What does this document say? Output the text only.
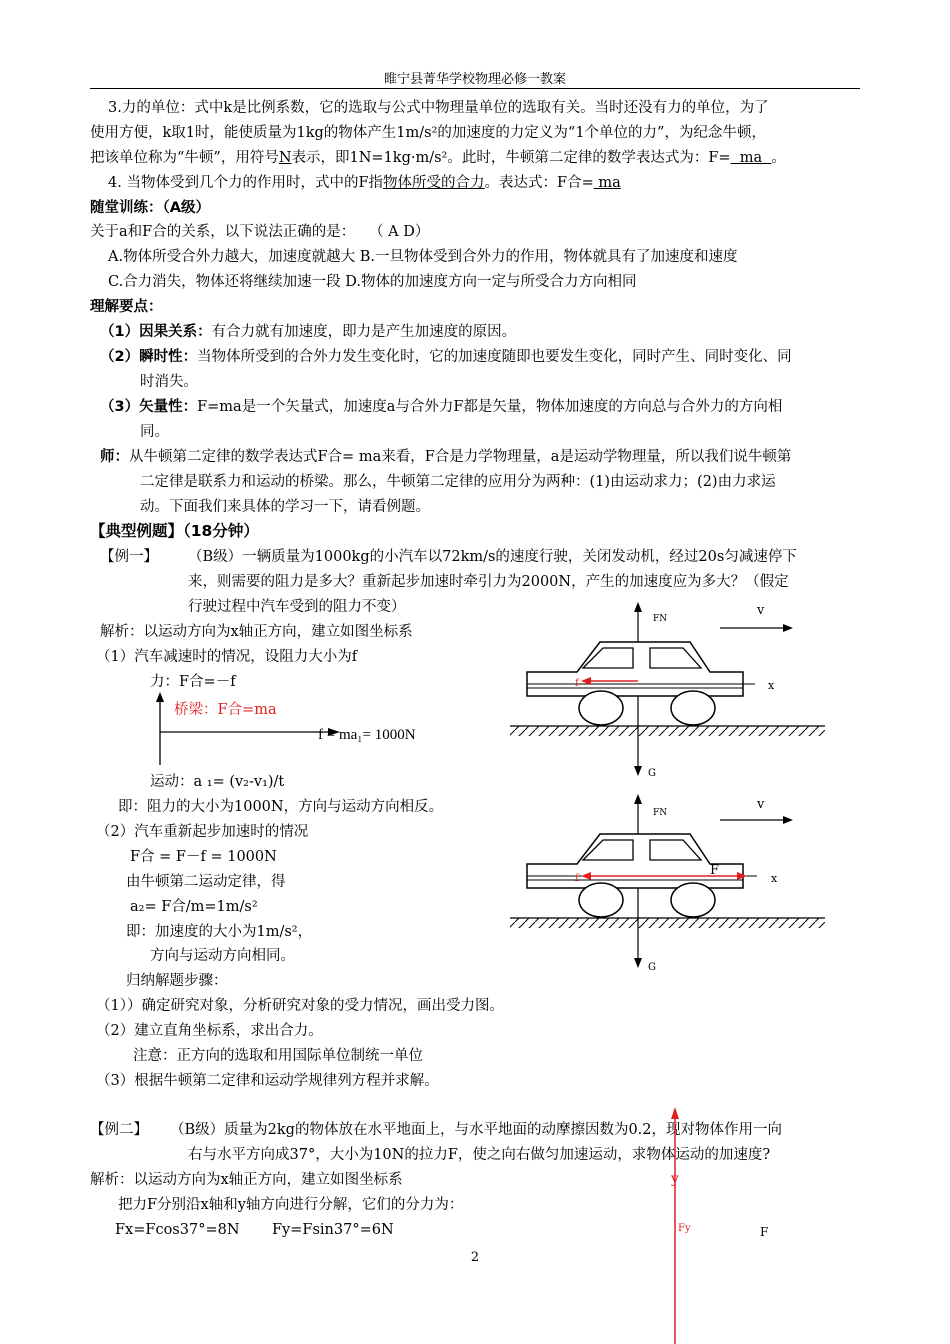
睢宁县菁华学校物理必修一教案
3.力的单位：式中k是比例系数，它的选取与公式中物理量单位的选取有关。当时还没有力的单位，为了
使用方便，k取1时，能使质量为1kg的物体产生1m/s²的加速度的力定义为“1个单位的力”，为纪念牛顿，
把该单位称为“牛顿”，用符号N表示，即1N=1kg·m/s²。此时，牛顿第二定律的数学表达式为：F=  ma  。
4. 当物体受到几个力的作用时，式中的F指物体所受的合力。表达式：F合= ma
随堂训练：（A级）
关于a和F合的关系，以下说法正确的是： （ A D）
A.物体所受合外力越大，加速度就越大 B.一旦物体受到合外力的作用，物体就具有了加速度和速度
C.合力消失，物体还将继续加速一段 D.物体的加速度方向一定与所受合力方向相同
理解要点：
（1）因果关系：有合力就有加速度，即力是产生加速度的原因。
（2）瞬时性：当物体所受到的合外力发生变化时，它的加速度随即也要发生变化，同时产生、同时变化、同
时消失。
（3）矢量性：F=ma是一个矢量式，加速度a与合外力F都是矢量，物体加速度的方向总与合外力的方向相
同。
师：从牛顿第二定律的数学表达式F合= ma来看，F合是力学物理量，a是运动学物理量，所以我们说牛顿第
二定律是联系力和运动的桥梁。那么，牛顿第二定律的应用分为两种：(1)由运动求力；(2)由力求运
动。下面我们来具体的学习一下，请看例题。
【典型例题】（18分钟）
【例一】 （B级）一辆质量为1000kg的小汽车以72km/s的速度行驶，关闭发动机，经过20s匀减速停下
来，则需要的阻力是多大？重新起步加速时牵引力为2000N，产生的加速度应为多大？（假定
行驶过程中汽车受到的阻力不变）
解析：以运动方向为x轴正方向，建立如图坐标系
（1）汽车减速时的情况，设阻力大小为f
力：F合=－f
桥梁：F合=ma
f = ma₁= 1000N
运动：a ₁= (v₂-v₁)/t
即：阻力的大小为1000N，方向与运动方向相反。
（2）汽车重新起步加速时的情况
F合 = F－f = 1000N
由牛顿第二运动定律，得
a₂= F合/m=1m/s²
即：加速度的大小为1m/s²，
方向与运动方向相同。
归纳解题步骤：
（1））确定研究对象，分析研究对象的受力情况，画出受力图。
（2）建立直角坐标系，求出合力。
注意：正方向的选取和用国际单位制统一单位
（3）根据牛顿第二定律和运动学规律列方程并求解。
FN
v
x
f
G
FN
v
x
f
F
G
【例二】 （B级）质量为2kg的物体放在水平地面上，与水平地面的动摩擦因数为0.2，现对物体作用一向
右与水平方向成37°，大小为10N的拉力F，使之向右做匀加速运动，求物体运动的加速度?
解析：以运动方向为x轴正方向，建立如图坐标系
把力F分别沿x轴和y轴方向进行分解，它们的分力为：
Fx=Fcos37°=8N Fy=Fsin37°=6N
y
Fy	F
2
